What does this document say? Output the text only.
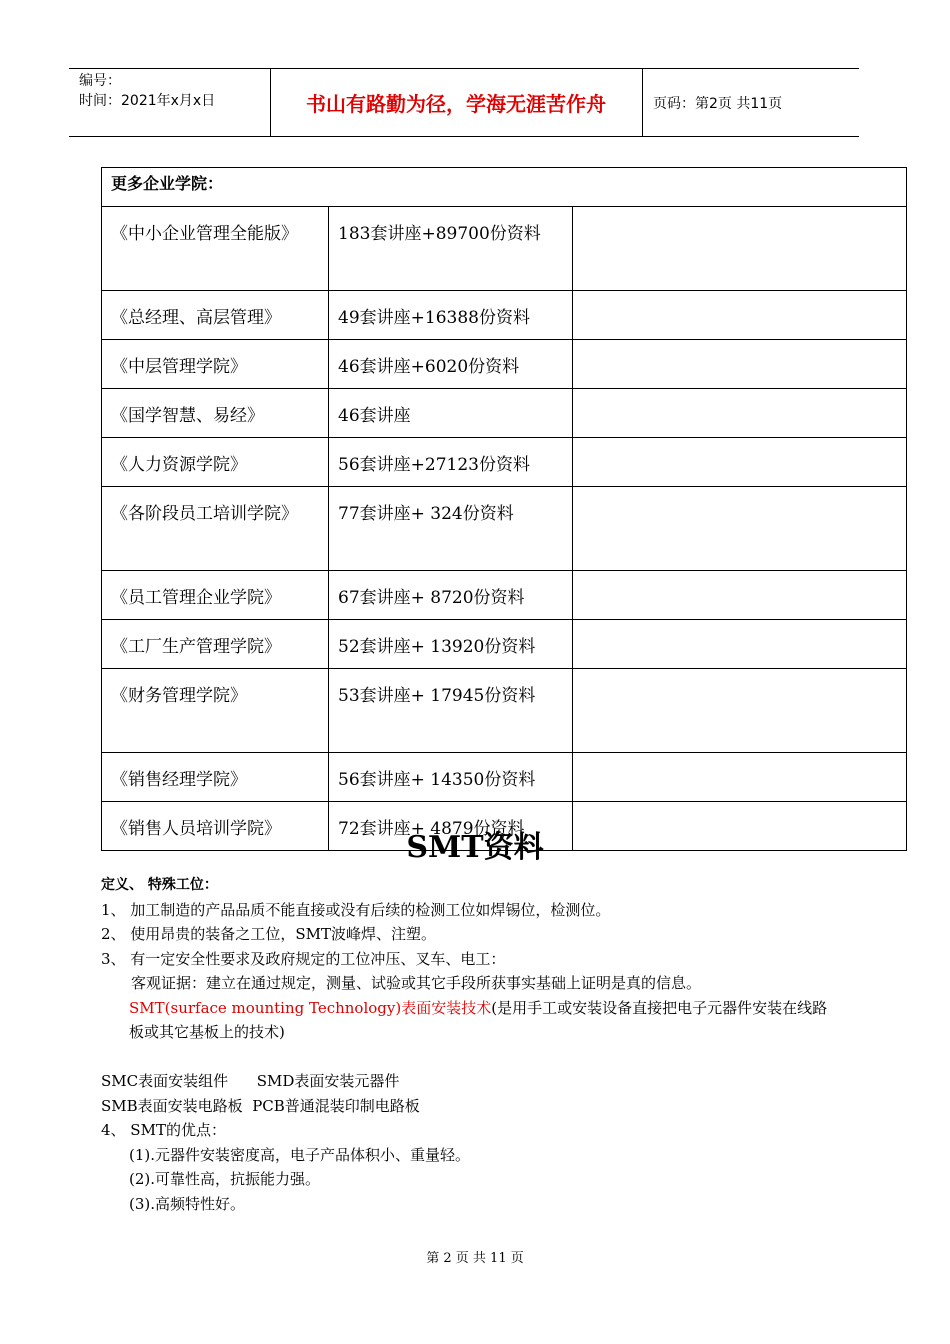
编号：
时间：2021年x月x日	书山有路勤为径，学海无涯苦作舟	页码：第2页 共11页
更多企业学院：		
《中小企业管理全能版》	183套讲座+89700份资料	
《总经理、高层管理》	49套讲座+16388份资料	
《中层管理学院》	46套讲座+6020份资料	
《国学智慧、易经》	46套讲座	
《人力资源学院》	56套讲座+27123份资料	
《各阶段员工培训学院》	77套讲座+ 324份资料	
《员工管理企业学院》	67套讲座+ 8720份资料	
《工厂生产管理学院》	52套讲座+ 13920份资料	
《财务管理学院》	53套讲座+ 17945份资料	
《销售经理学院》	56套讲座+ 14350份资料	
《销售人员培训学院》	72套讲座+ 4879份资料	
SMT资料

定义、 特殊工位：

1、 加工制造的产品品质不能直接或没有后续的检测工位如焊锡位，检测位。

2、 使用昂贵的装备之工位，SMT波峰焊、注塑。

3、 有一定安全性要求及政府规定的工位冲压、叉车、电工：

客观证据：建立在通过规定，测量、试验或其它手段所获事实基础上证明是真的信息。

SMT(surface mounting Technology)表面安装技术(是用手工或安装设备直接把电子元器件安装在线路板或其它基板上的技术)

SMC表面安装组件      SMD表面安装元器件

SMB表面安装电路板  PCB普通混装印制电路板

4、 SMT的优点：

(1).元器件安装密度高，电子产品体积小、重量轻。

(2).可靠性高，抗振能力强。

(3).高频特性好。

第 2 页 共 11 页
